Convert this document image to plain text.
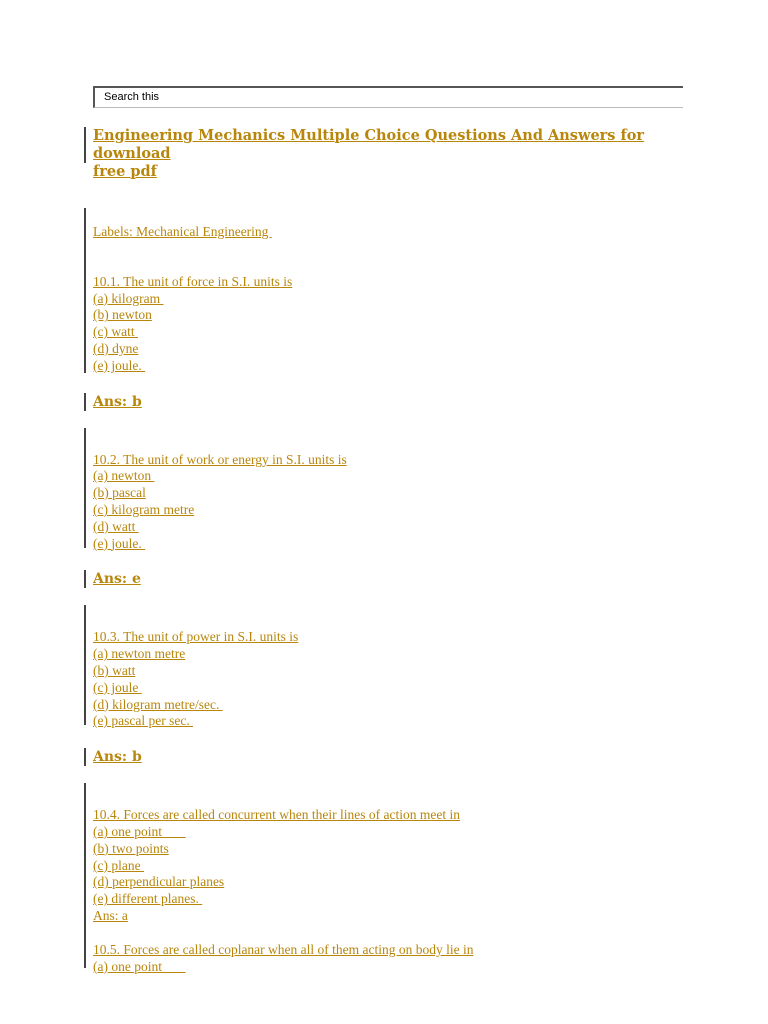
Search this
Engineering Mechanics Multiple Choice Questions And Answers for download
free pdf
Labels: Mechanical Engineering
10.1. The unit of force in S.I. units is
(a) kilogram
(b) newton
(c) watt
(d) dyne
(e) joule.
Ans: b
10.2. The unit of work or energy in S.I. units is
(a) newton
(b) pascal
(c) kilogram metre
(d) watt
(e) joule.
Ans: e
10.3. The unit of power in S.I. units is
(a) newton metre
(b) watt
(c) joule
(d) kilogram metre/sec.
(e) pascal per sec.
Ans: b
10.4. Forces are called concurrent when their lines of action meet in
(a) one point
(b) two points
(c) plane
(d) perpendicular planes
(e) different planes.
Ans: a
10.5. Forces are called coplanar when all of them acting on body lie in
(a) one point
